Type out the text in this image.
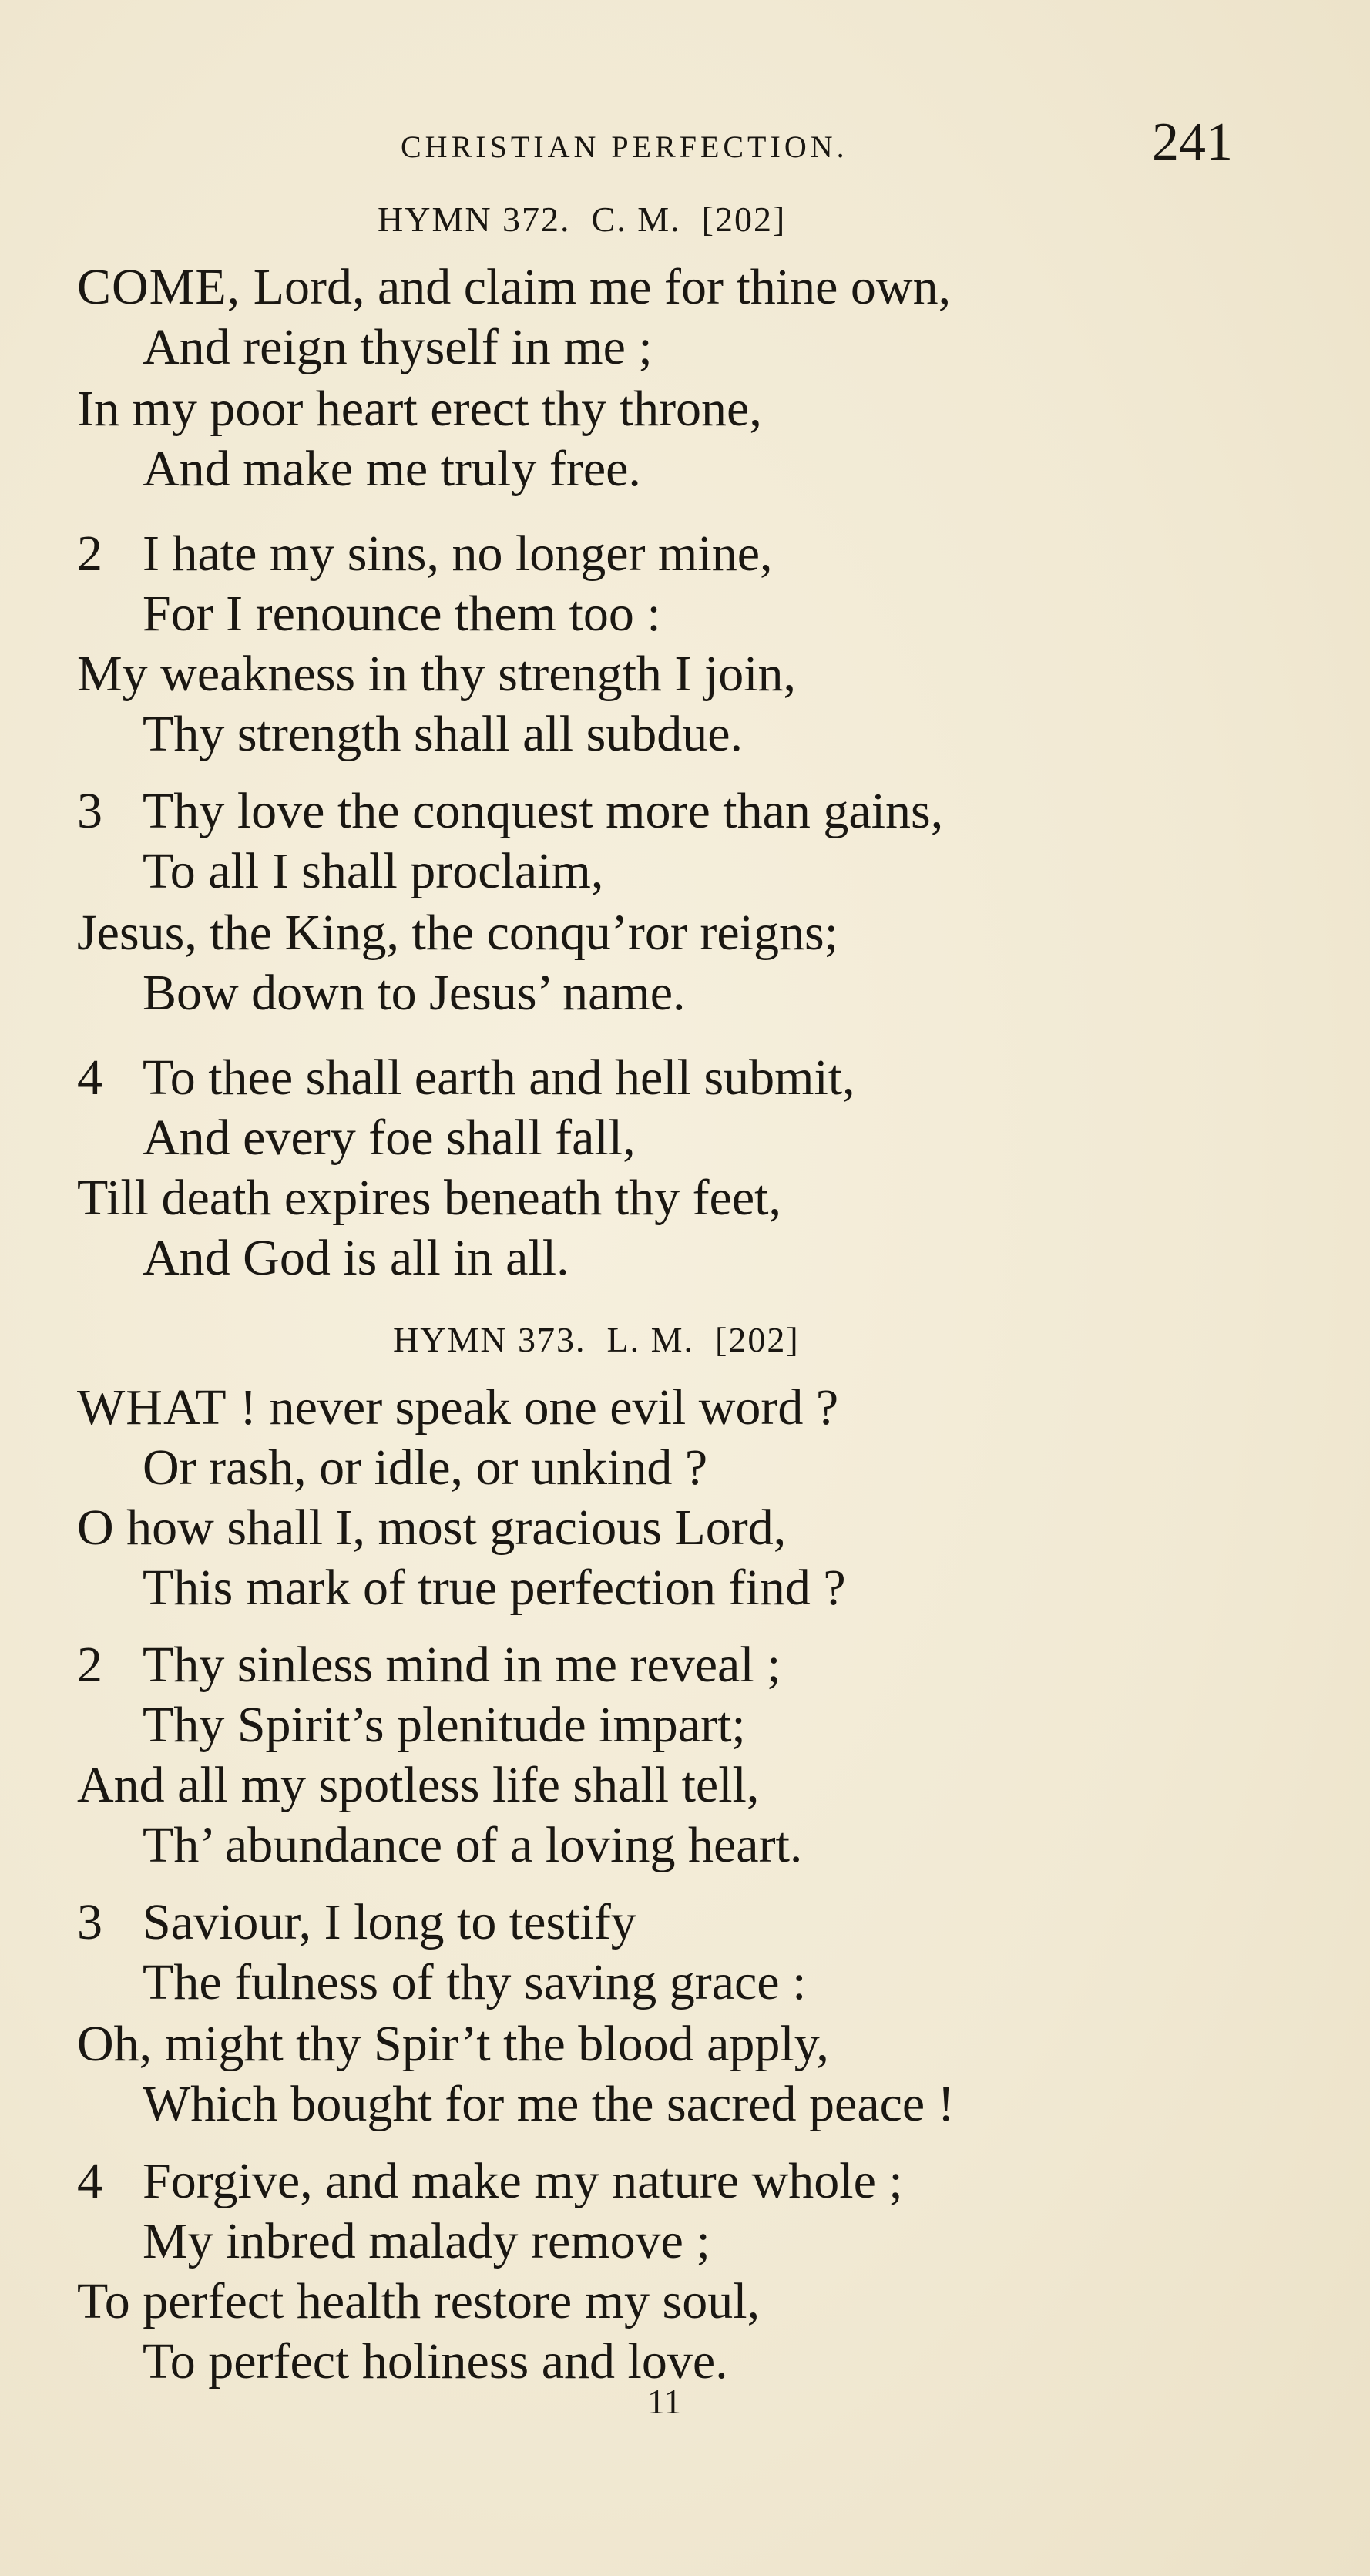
CHRISTIAN PERFECTION.	241
HYMN 372.  C. M.  [202]
COME, Lord, and claim me for thine own,
And reign thyself in me ;
In my poor heart erect thy throne,
And make me truly free.
2 I hate my sins, no longer mine,
For I renounce them too :
My weakness in thy strength I join,
Thy strength shall all subdue.
3 Thy love the conquest more than gains,
To all I shall proclaim,
Jesus, the King, the conqu’ror reigns;
Bow down to Jesus’ name.
4 To thee shall earth and hell submit,
And every foe shall fall,
Till death expires beneath thy feet,
And God is all in all.
HYMN 373.  L. M.  [202]
WHAT ! never speak one evil word ?
Or rash, or idle, or unkind ?
O how shall I, most gracious Lord,
This mark of true perfection find ?
2 Thy sinless mind in me reveal ;
Thy Spirit’s plenitude impart;
And all my spotless life shall tell,
Th’ abundance of a loving heart.
3 Saviour, I long to testify
The fulness of thy saving grace :
Oh, might thy Spir’t the blood apply,
Which bought for me the sacred peace !
4 Forgive, and make my nature whole ;
My inbred malady remove ;
To perfect health restore my soul,
To perfect holiness and love.
11
